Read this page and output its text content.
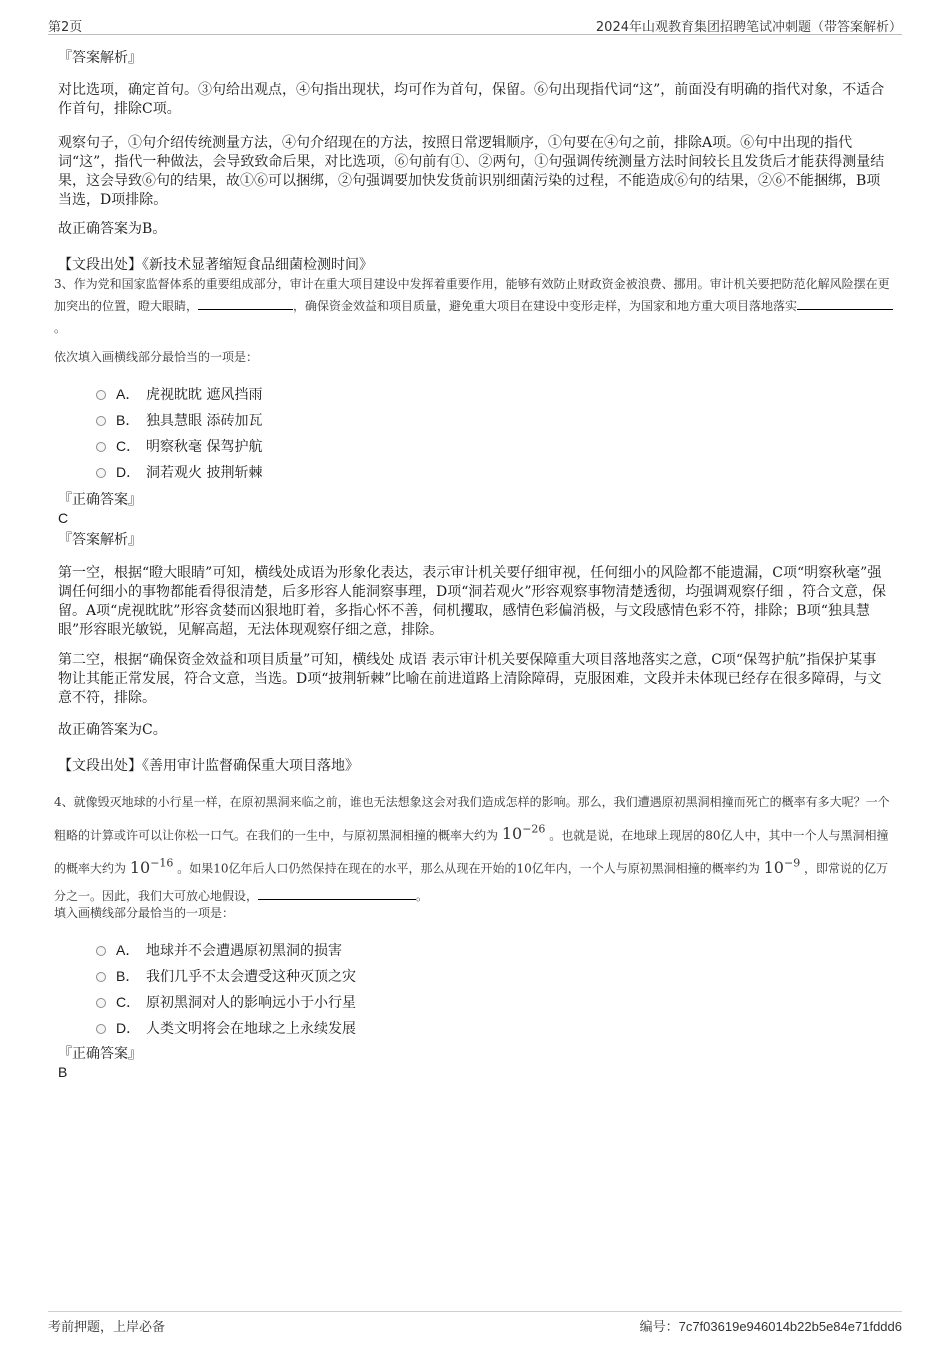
第2页	2024年山观教育集团招聘笔试冲刺题（带答案解析）
『答案解析』

对比选项，确定首句。③句给出观点，④句指出现状，均可作为首句，保留。⑥句出现指代词“这”，前面没有明确的指代对象，不适合作首句，排除C项。

观察句子，①句介绍传统测量方法，④句介绍现在的方法，按照日常逻辑顺序，①句要在④句之前，排除A项。⑥句中出现的指代词“这”，指代一种做法，会导致致命后果，对比选项，⑥句前有①、②两句，①句强调传统测量方法时间较长且发货后才能获得测量结果，这会导致⑥句的结果，故①⑥可以捆绑，②句强调要加快发货前识别细菌污染的过程，不能造成⑥句的结果，②⑥不能捆绑，B项当选，D项排除。

故正确答案为B。

【文段出处】《新技术显著缩短食品细菌检测时间》

3、作为党和国家监督体系的重要组成部分，审计在重大项目建设中发挥着重要作用，能够有效防止财政资金被浪费、挪用。审计机关要把防范化解风险摆在更加突出的位置，瞪大眼睛，	，确保资金效益和项目质量，避免重大项目在建设中变形走样，为国家和地方重大项目落地落实。

依次填入画横线部分最恰当的一项是：

A． 虎视眈眈 遮风挡雨
B． 独具慧眼 添砖加瓦
C． 明察秋毫 保驾护航
D． 洞若观火 披荆斩棘
『正确答案』
C
『答案解析』

第一空，根据“瞪大眼睛”可知，横线处成语为形象化表达，表示审计机关要仔细审视，任何细小的风险都不能遗漏，C项“明察秋毫”强调任何细小的事物都能看得很清楚，后多形容人能洞察事理，D项“洞若观火”形容观察事物清楚透彻，均强调观察仔细 ，符合文意，保留。A项“虎视眈眈”形容贪婪而凶狠地盯着，多指心怀不善，伺机攫取，感情色彩偏消极，与文段感情色彩不符，排除；B项“独具慧眼”形容眼光敏锐，见解高超，无法体现观察仔细之意，排除。

第二空，根据“确保资金效益和项目质量”可知，横线处 成语 表示审计机关要保障重大项目落地落实之意，C项“保驾护航”指保护某事物让其能正常发展，符合文意，当选。D项“披荆斩棘”比喻在前进道路上清除障碍，克服困难，文段并未体现已经存在很多障碍，与文意不符，排除。

故正确答案为C。

【文段出处】《善用审计监督确保重大项目落地》

4、就像毁灭地球的小行星一样，在原初黑洞来临之前，谁也无法想象这会对我们造成怎样的影响。那么，我们遭遇原初黑洞相撞而死亡的概率有多大呢？一个粗略的计算或许可以让你松一口气。在我们的一生中，与原初黑洞相撞的概率大约为 $10^{-26}$ 。也就是说，在地球上现居的80亿人中，其中一个人与黑洞相撞的概率大约为 $10^{-16}$ 。如果10亿年后人口仍然保持在现在的水平，那么从现在开始的10亿年内，一个人与原初黑洞相撞的概率约为 $10^{-9}$ ，即常说的亿万分之一。因此，我们大可放心地假设，	。

填入画横线部分最恰当的一项是：

A． 地球并不会遭遇原初黑洞的损害
B． 我们几乎不太会遭受这种灭顶之灾
C． 原初黑洞对人的影响远小于小行星
D． 人类文明将会在地球之上永续发展
『正确答案』
B
考前押题，上岸必备	编号：7c7f03619e946014b22b5e84e71fddd6
